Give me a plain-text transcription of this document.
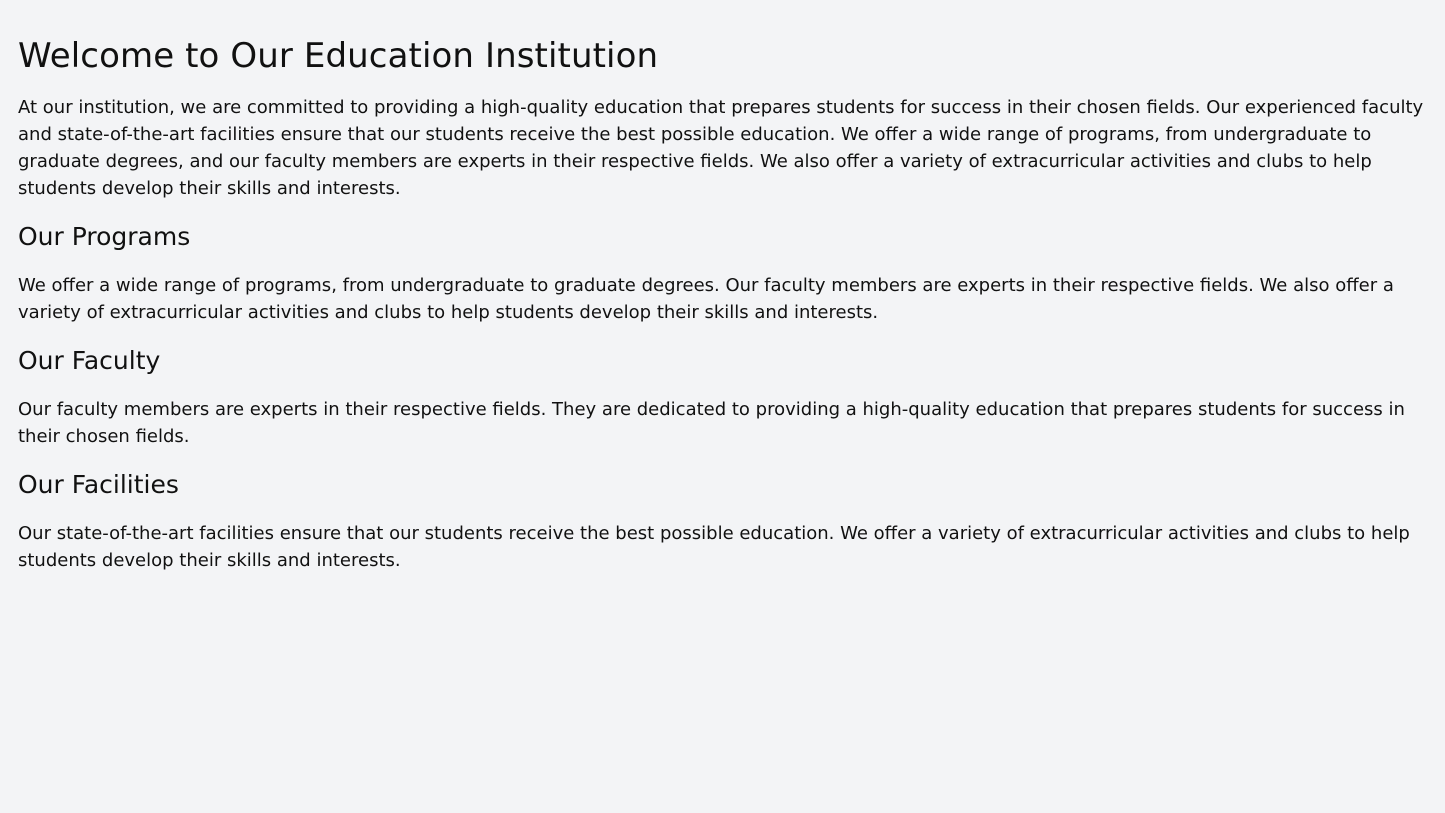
Welcome to Our Education Institution

At our institution, we are committed to providing a high-quality education that prepares students for success in their chosen fields. Our experienced faculty and state-of-the-art facilities ensure that our students receive the best possible education. We offer a wide range of programs, from undergraduate to graduate degrees, and our faculty members are experts in their respective fields. We also offer a variety of extracurricular activities and clubs to help students develop their skills and interests.

Our Programs

We offer a wide range of programs, from undergraduate to graduate degrees. Our faculty members are experts in their respective fields. We also offer a variety of extracurricular activities and clubs to help students develop their skills and interests.

Our Faculty

Our faculty members are experts in their respective fields. They are dedicated to providing a high-quality education that prepares students for success in their chosen fields.

Our Facilities

Our state-of-the-art facilities ensure that our students receive the best possible education. We offer a variety of extracurricular activities and clubs to help students develop their skills and interests.
